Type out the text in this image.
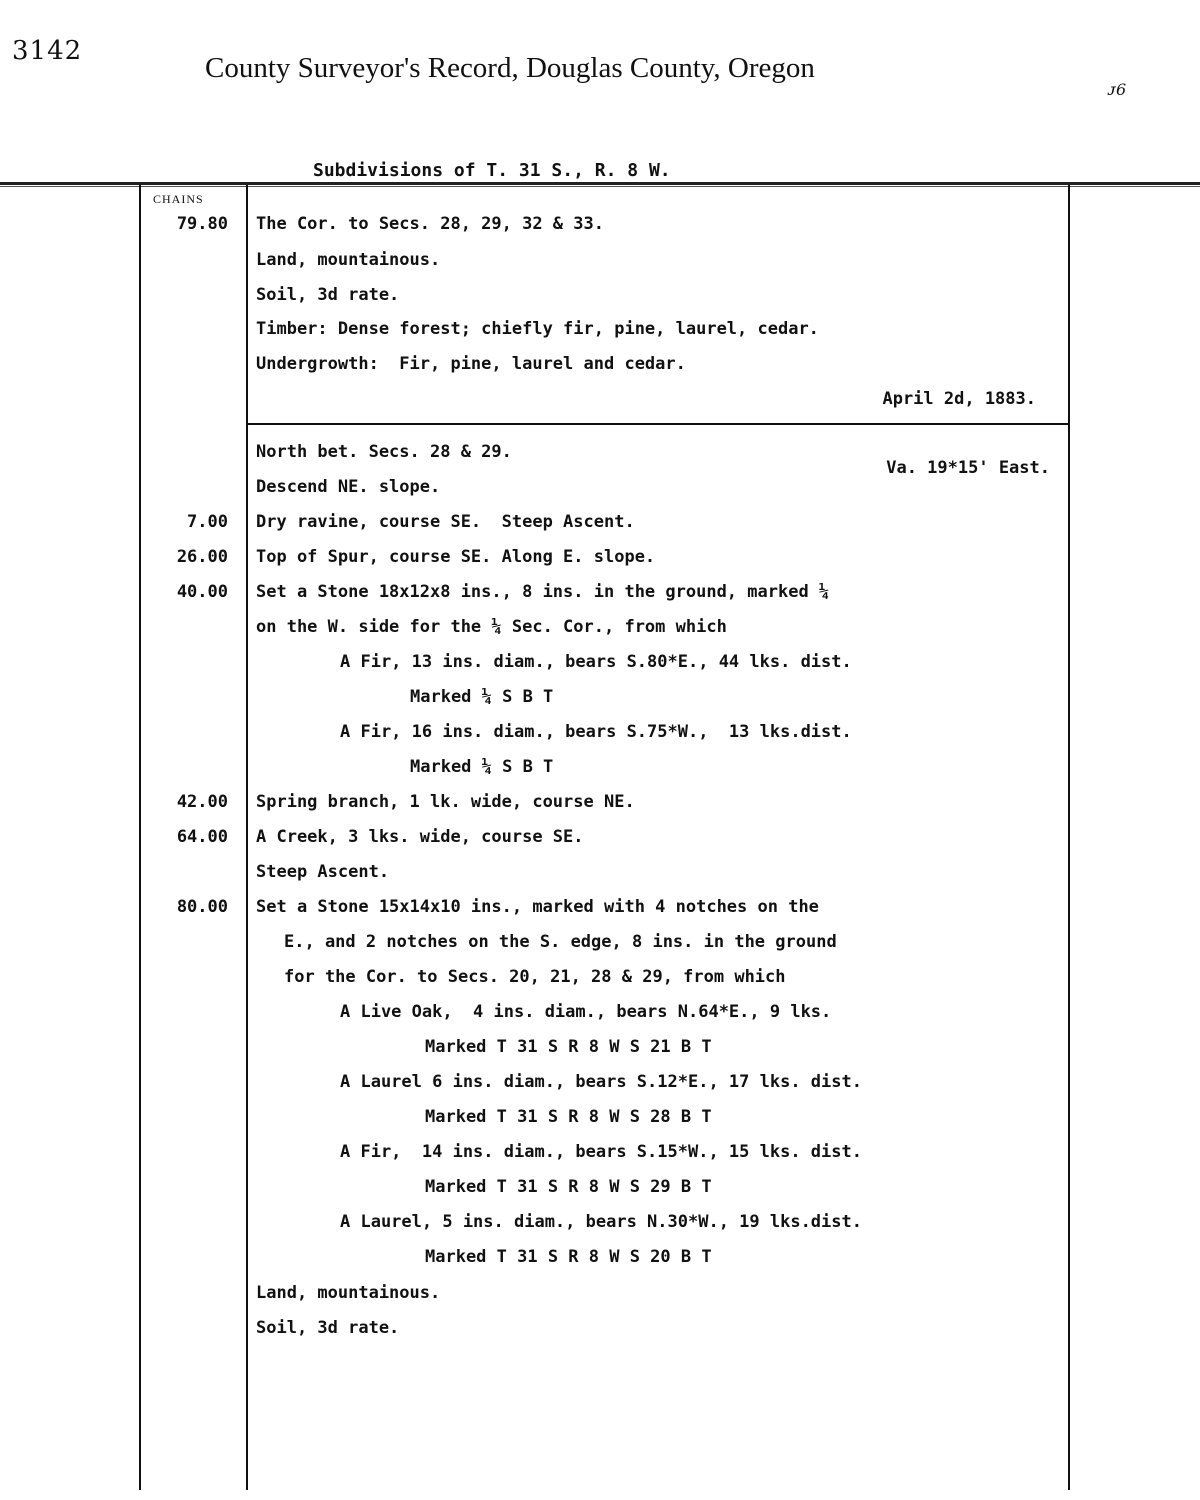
3142
County Surveyor's Record, Douglas County, Oregon
ᴊ6
Subdivisions of T. 31 S., R. 8 W.
CHAINS
79.80 The Cor. to Secs. 28, 29, 32 & 33.
Land, mountainous.
Soil, 3d rate.
Timber: Dense forest; chiefly fir, pine, laurel, cedar.
Undergrowth:  Fir, pine, laurel and cedar.
April 2d, 1883.
North bet. Secs. 28 & 29.
Va. 19*15' East.
Descend NE. slope.
7.00 Dry ravine, course SE.  Steep Ascent.
26.00 Top of Spur, course SE. Along E. slope.
40.00 Set a Stone 18x12x8 ins., 8 ins. in the ground, marked ¼
on the W. side for the ¼ Sec. Cor., from which
A Fir, 13 ins. diam., bears S.80*E., 44 lks. dist.
Marked ¼ S B T
A Fir, 16 ins. diam., bears S.75*W.,  13 lks.dist.
Marked ¼ S B T
42.00 Spring branch, 1 lk. wide, course NE.
64.00 A Creek, 3 lks. wide, course SE.
Steep Ascent.
80.00 Set a Stone 15x14x10 ins., marked with 4 notches on the
E., and 2 notches on the S. edge, 8 ins. in the ground
for the Cor. to Secs. 20, 21, 28 & 29, from which
A Live Oak,  4 ins. diam., bears N.64*E., 9 lks.
Marked T 31 S R 8 W S 21 B T
A Laurel 6 ins. diam., bears S.12*E., 17 lks. dist.
Marked T 31 S R 8 W S 28 B T
A Fir,  14 ins. diam., bears S.15*W., 15 lks. dist.
Marked T 31 S R 8 W S 29 B T
A Laurel, 5 ins. diam., bears N.30*W., 19 lks.dist.
Marked T 31 S R 8 W S 20 B T
Land, mountainous.
Soil, 3d rate.
